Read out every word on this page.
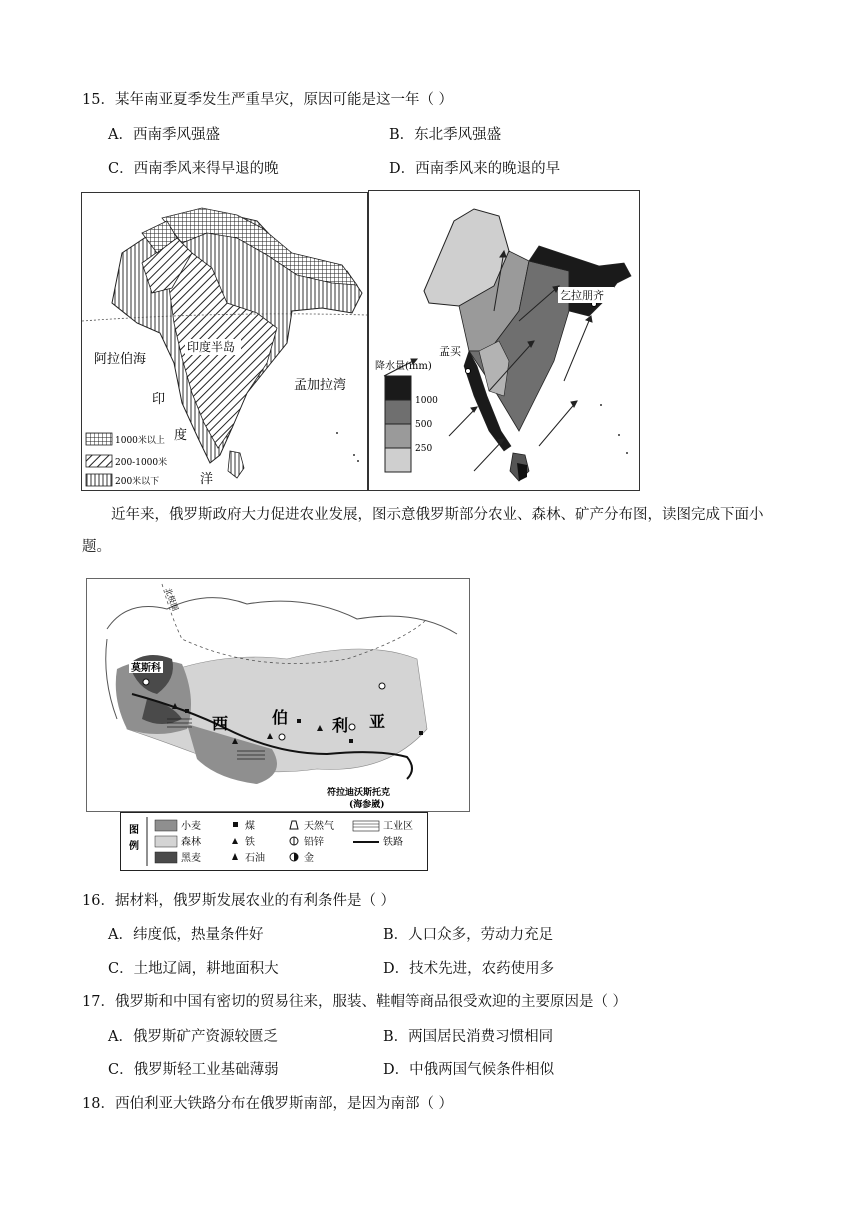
15．某年南亚夏季发生严重旱灾，原因可能是这一年（ ）
A．西南季风强盛	B．东北季风强盛
C．西南季风来得早退的晚	D．西南季风来的晚退的早
印度半岛
阿拉伯海
孟加拉湾
印
度
洋
1000米以上
200-1000米
200米以下
乞拉朋齐
孟买
降水量(mm)
1000
500
250
近年来，俄罗斯政府大力促进农业发展，图示意俄罗斯部分农业、森林、矿产分布图，读图完成下面小题。
北极圈
莫斯科
西	伯	利 亚
符拉迪沃斯托克
(海参崴)
图
例
小麦
森林
黑麦
煤
铁
石油
天然气
铅锌
金
工业区
铁路
16．据材料，俄罗斯发展农业的有利条件是（ ）
A．纬度低，热量条件好	B．人口众多，劳动力充足
C．土地辽阔，耕地面积大	D．技术先进，农药使用多
17．俄罗斯和中国有密切的贸易往来，服装、鞋帽等商品很受欢迎的主要原因是（ ）
A．俄罗斯矿产资源较匮乏	B．两国居民消费习惯相同
C．俄罗斯轻工业基础薄弱	D．中俄两国气候条件相似
18．西伯利亚大铁路分布在俄罗斯南部，是因为南部（ ）
